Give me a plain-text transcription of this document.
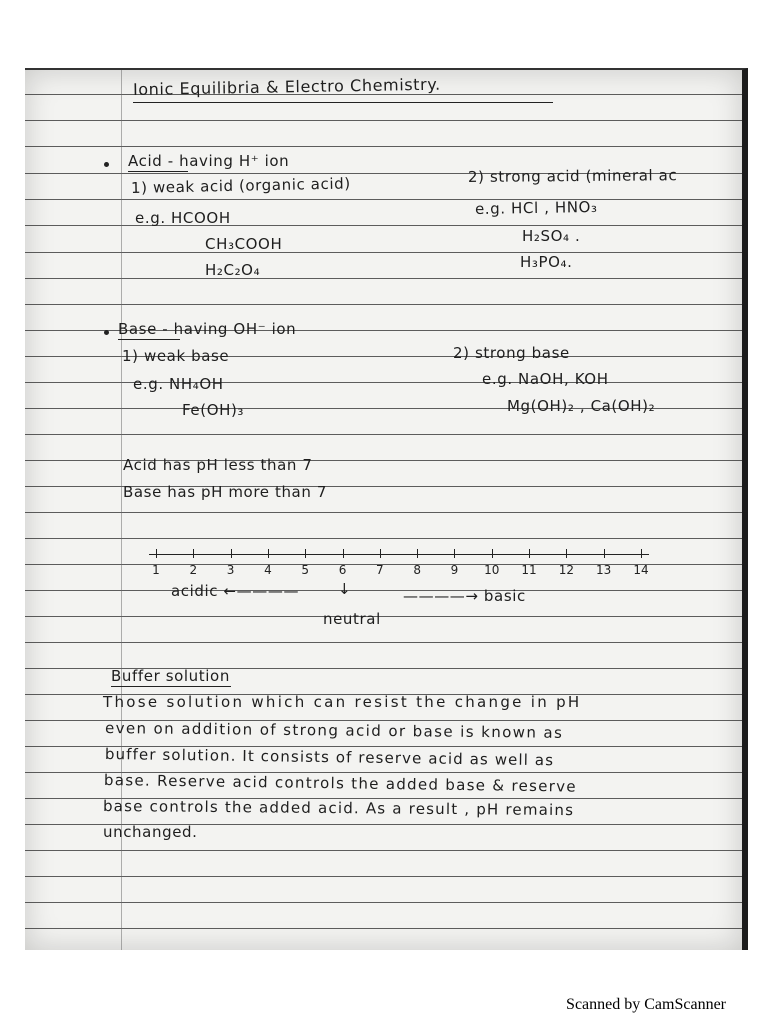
Ionic Equilibria & Electro Chemistry.
Acid - having H⁺ ion
1) weak acid (organic acid)	2) strong acid (mineral ac
e.g. HCOOH
CH₃COOH
H₂C₂O₄
e.g. HCl , HNO₃
H₂SO₄ .
H₃PO₄.
Base - having OH⁻ ion
1) weak base	2) strong base
e.g. NH₄OH
Fe(OH)₃
e.g. NaOH, KOH
Mg(OH)₂ , Ca(OH)₂
Acid has pH less than 7
Base has pH more than 7
1 2 3 4 5 6 7 8 9 10 11 12 13 14
acidic ←————	↓
neutral
————→ basic
Buffer solution
Those solution which can resist the change in pH
even on addition of strong acid or base is known as
buffer solution. It consists of reserve acid as well as
base. Reserve acid controls the added base & reserve
base controls the added acid. As a result , pH remains
unchanged.
Scanned by CamScanner
